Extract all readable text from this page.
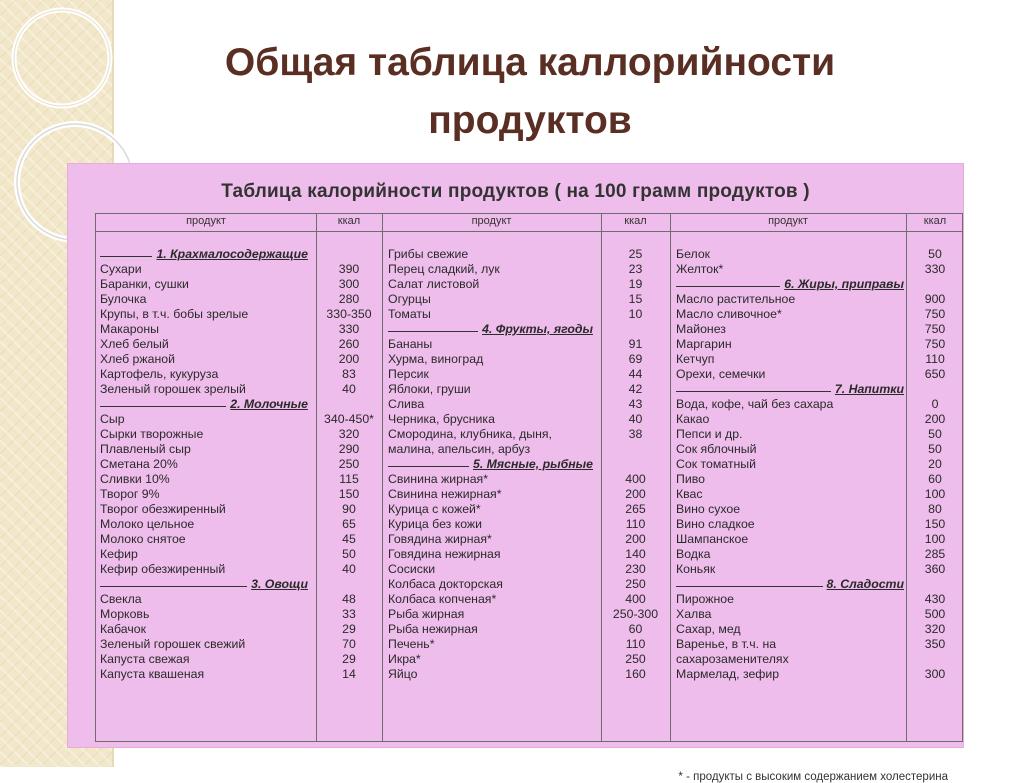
Общая таблица каллорийности
продуктов
Таблица калорийности продуктов ( на 100 грамм продуктов )
продукт	ккал	продукт	ккал	продукт	ккал
1. Крахмалосодержащие
Сухари	390
Баранки, сушки	300
Булочка	280
Крупы, в т.ч. бобы зрелые	330-350
Макароны	330
Хлеб белый	260
Хлеб ржаной	200
Картофель, кукуруза	83
Зеленый горошек зрелый	40
2. Молочные
Сыр	340-450*
Сырки творожные	320
Плавленый сыр	290
Сметана 20%	250
Сливки 10%	115
Творог 9%	150
Творог обезжиренный	90
Молоко цельное	65
Молоко снятое	45
Кефир	50
Кефир обезжиренный	40
3. Овощи
Свекла	48
Морковь	33
Кабачок	29
Зеленый горошек свежий	70
Капуста свежая	29
Капуста квашеная	14
Грибы свежие	25
Перец сладкий, лук	23
Салат листовой	19
Огурцы	15
Томаты	10
4. Фрукты, ягоды
Бананы	91
Хурма, виноград	69
Персик	44
Яблоки, груши	42
Слива	43
Черника, брусника	40
Смородина, клубника, дыня,	38
малина, апельсин, арбуз
5. Мясные, рыбные
Свинина жирная*	400
Свинина нежирная*	200
Курица с кожей*	265
Курица без кожи	110
Говядина жирная*	200
Говядина нежирная	140
Сосиски	230
Колбаса докторская	250
Колбаса копченая*	400
Рыба жирная	250-300
Рыба нежирная	60
Печень*	110
Икра*	250
Яйцо	160
Белок	50
Желток*	330
6. Жиры, приправы
Масло растительное	900
Масло сливочное*	750
Майонез	750
Маргарин	750
Кетчуп	110
Орехи, семечки	650
7. Напитки
Вода, кофе, чай без сахара	0
Какао	200
Пепси и др.	50
Сок яблочный	50
Сок томатный	20
Пиво	60
Квас	100
Вино сухое	80
Вино сладкое	150
Шампанское	100
Водка	285
Коньяк	360
8. Сладости
Пирожное	430
Халва	500
Сахар, мед	320
Варенье, в т.ч. на	350
сахарозаменителях
Мармелад, зефир	300
* - продукты с высоким содержанием холестерина
